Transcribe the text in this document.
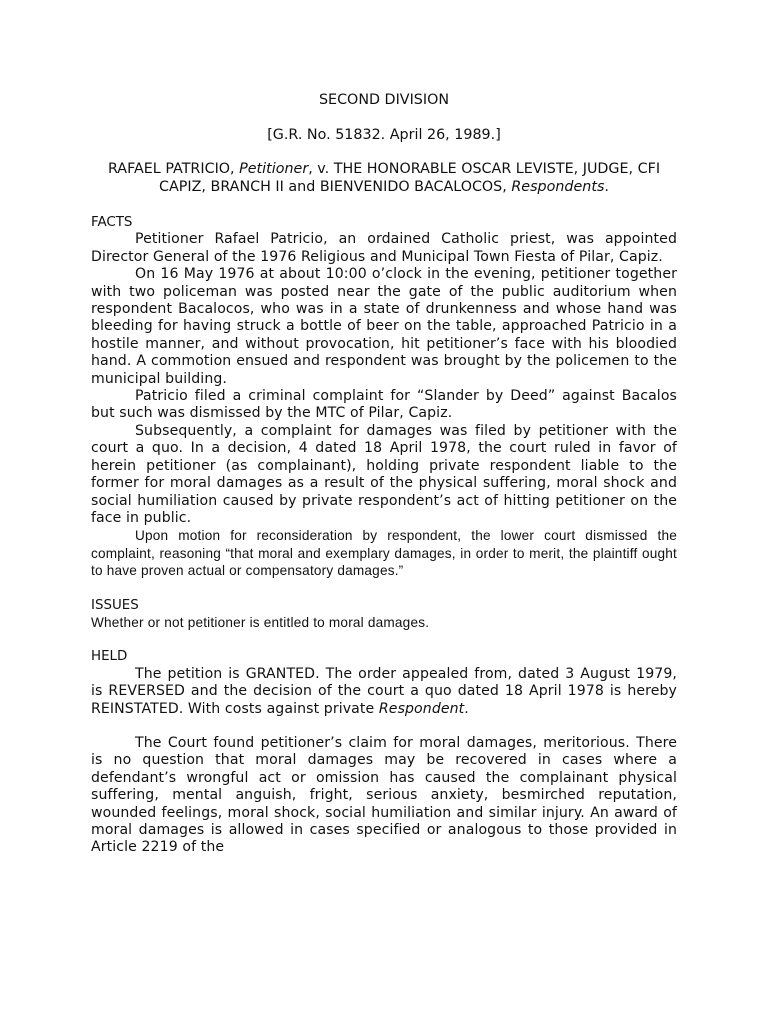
SECOND DIVISION

[G.R. No. 51832. April 26, 1989.]

RAFAEL PATRICIO, Petitioner, v. THE HONORABLE OSCAR LEVISTE, JUDGE, CFI CAPIZ, BRANCH II and BIENVENIDO BACALOCOS, Respondents.

FACTS

Petitioner Rafael Patricio, an ordained Catholic priest, was appointed Director General of the 1976 Religious and Municipal Town Fiesta of Pilar, Capiz.

On 16 May 1976 at about 10:00 o’clock in the evening, petitioner together with two policeman was posted near the gate of the public auditorium when respondent Bacalocos, who was in a state of drunkenness and whose hand was bleeding for having struck a bottle of beer on the table, approached Patricio in a hostile manner, and without provocation, hit petitioner’s face with his bloodied hand. A commotion ensued and respondent was brought by the policemen to the municipal building.

Patricio filed a criminal complaint for “Slander by Deed” against Bacalos but such was dismissed by the MTC of Pilar, Capiz.

Subsequently, a complaint for damages was filed by petitioner with the court a quo. In a decision, 4 dated 18 April 1978, the court ruled in favor of herein petitioner (as complainant), holding private respondent liable to the former for moral damages as a result of the physical suffering, moral shock and social humiliation caused by private respondent’s act of hitting petitioner on the face in public.

Upon motion for reconsideration by respondent, the lower court dismissed the complaint, reasoning “that moral and exemplary damages, in order to merit, the plaintiff ought to have proven actual or compensatory damages.”

ISSUES

Whether or not petitioner is entitled to moral damages.

HELD

The petition is GRANTED. The order appealed from, dated 3 August 1979, is REVERSED and the decision of the court a quo dated 18 April 1978 is hereby REINSTATED. With costs against private Respondent.

The Court found petitioner’s claim for moral damages, meritorious. There is no question that moral damages may be recovered in cases where a defendant’s wrongful act or omission has caused the complainant physical suffering, mental anguish, fright, serious anxiety, besmirched reputation, wounded feelings, moral shock, social humiliation and similar injury. An award of moral damages is allowed in cases specified or analogous to those provided in Article 2219 of the
